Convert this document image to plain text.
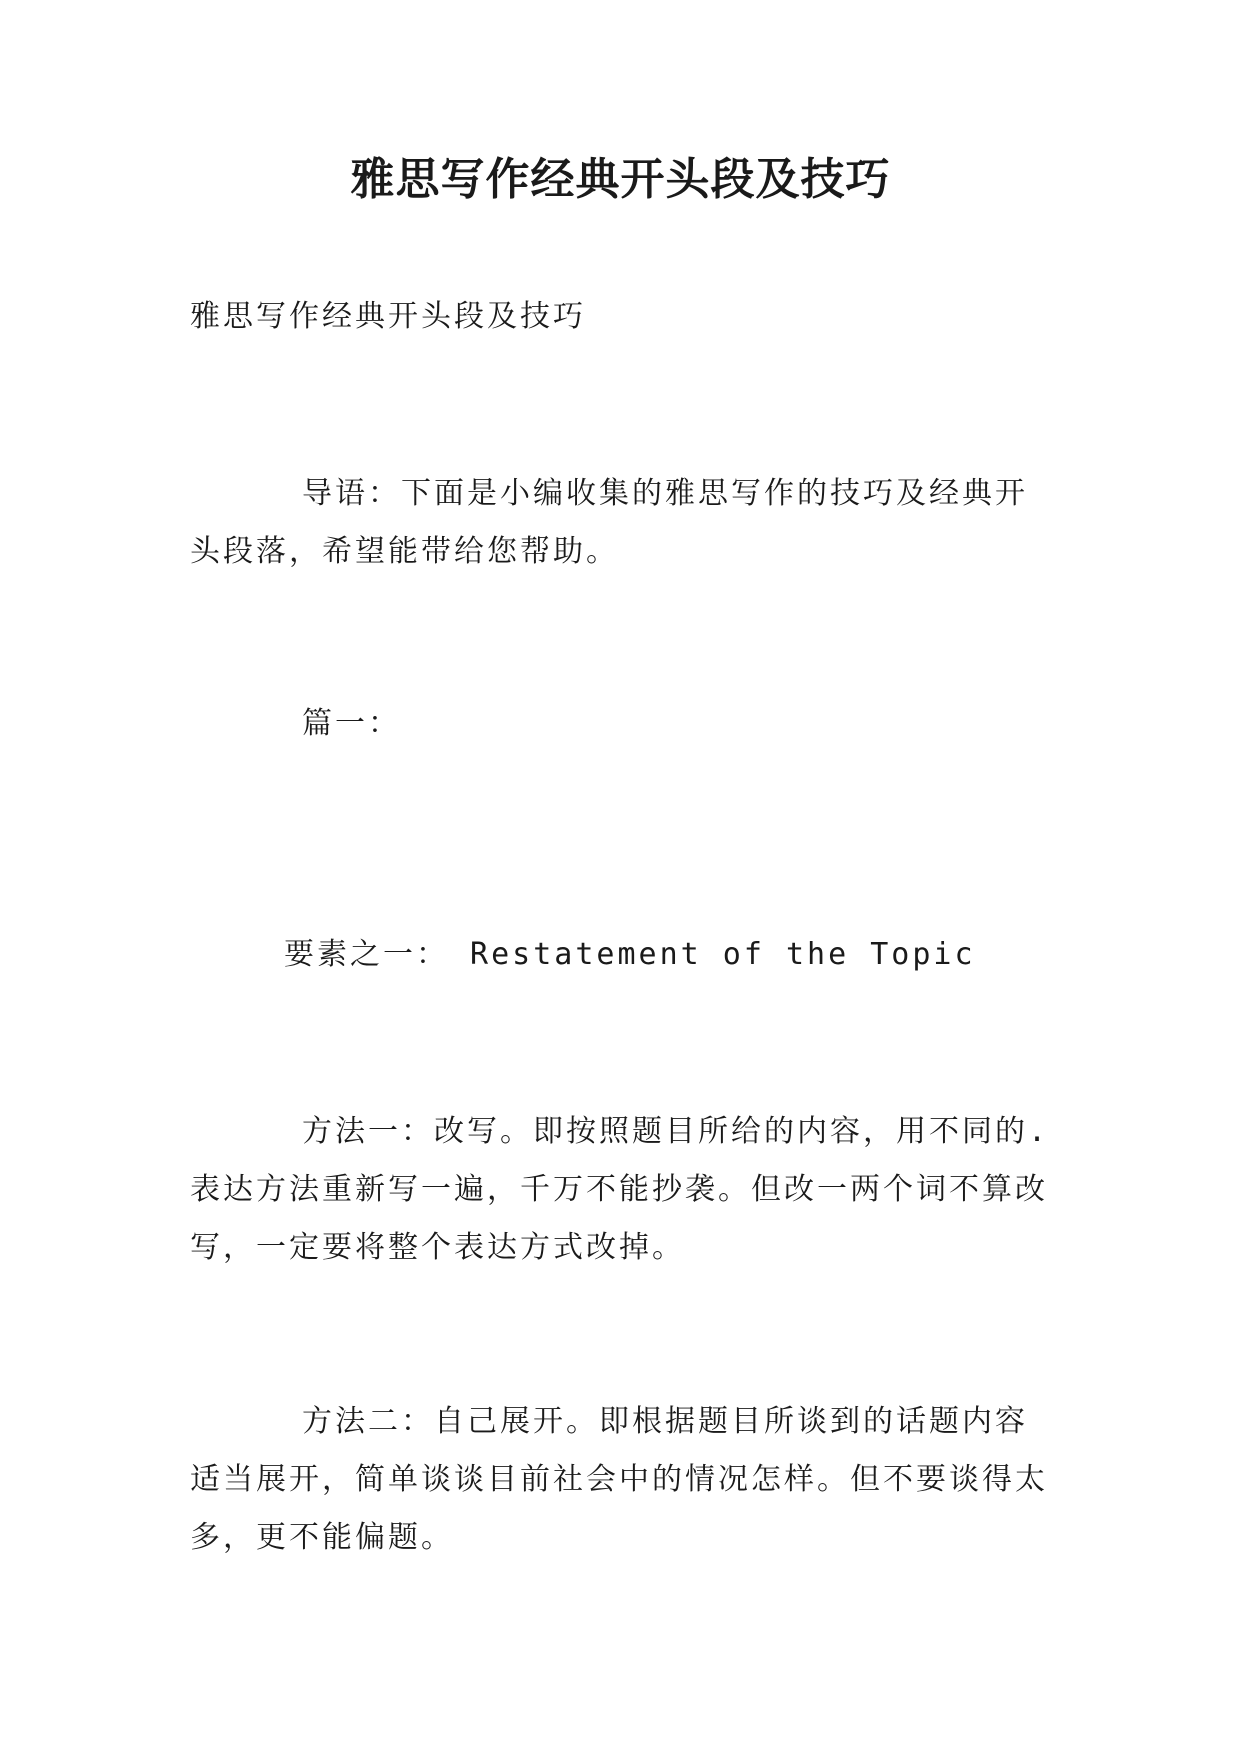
雅思写作经典开头段及技巧

雅思写作经典开头段及技巧

导语：下面是小编收集的雅思写作的技巧及经典开头段落，希望能带给您帮助。

篇一：

要素之一： Restatement of the Topic

方法一：改写。即按照题目所给的内容，用不同的.表达方法重新写一遍，千万不能抄袭。但改一两个词不算改写，一定要将整个表达方式改掉。

方法二：自己展开。即根据题目所谈到的话题内容适当展开，简单谈谈目前社会中的情况怎样。但不要谈得太多，更不能偏题。
